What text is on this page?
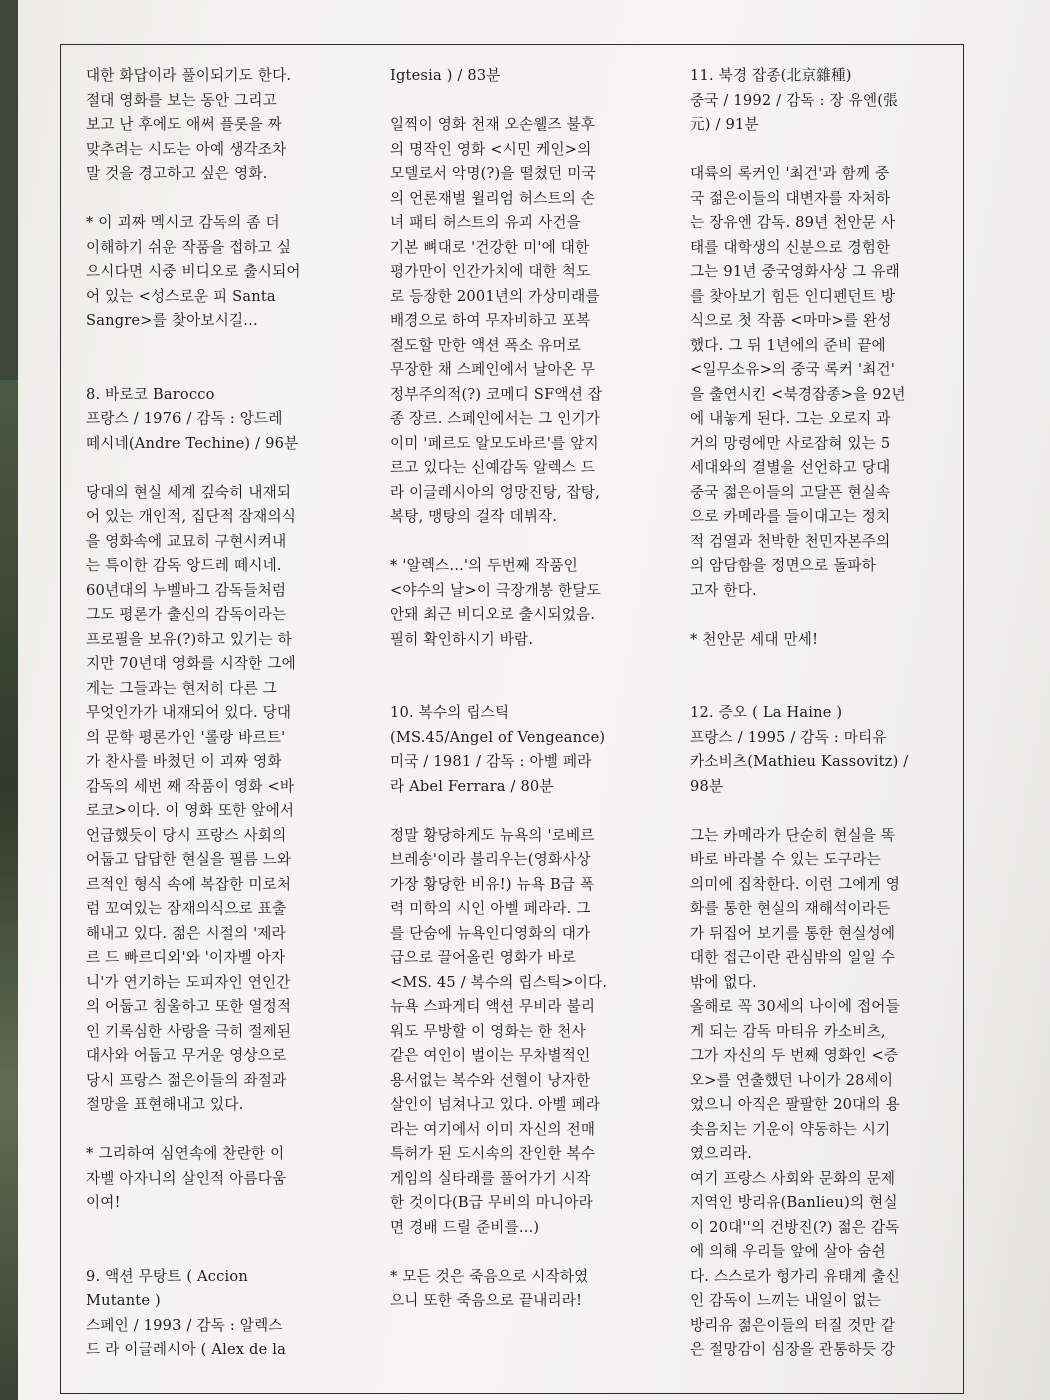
대한 화답이라 풀이되기도 한다.
절대 영화를 보는 동안 그리고
보고 난 후에도 애써 플롯을 짜
맞추려는 시도는 아예 생각조차
말 것을 경고하고 싶은 영화.
* 이 괴짜 멕시코 감독의 좀 더
이해하기 쉬운 작품을 접하고 싶
으시다면 시중 비디오로 출시되어
어 있는 <성스로운 피 Santa
Sangre>를 찾아보시길...
8. 바로코 Barocco
프랑스 / 1976 / 감독 : 앙드레
떼시네(Andre Techine) / 96분
당대의 현실 세계 깊숙히 내재되
어 있는 개인적, 집단적 잠재의식
을 영화속에 교묘히 구현시켜내
는 특이한 감독 앙드레 떼시네.
60년대의 누벨바그 감독들처럼
그도 평론가 출신의 감독이라는
프로필을 보유(?)하고 있기는 하
지만 70년대 영화를 시작한 그에
게는 그들과는 현저히 다른 그
무엇인가가 내재되어 있다. 당대
의 문학 평론가인 '롤랑 바르트'
가 찬사를 바쳤던 이 괴짜 영화
감독의 세번 째 작품이 영화 <바
로코>이다. 이 영화 또한 앞에서
언급했듯이 당시 프랑스 사회의
어둡고 답답한 현실을 필름 느와
르적인 형식 속에 복잡한 미로처
럼 꼬여있는 잠재의식으로 표출
해내고 있다. 젊은 시절의 '제라
르 드 빠르디외'와 '이자벨 아자
니'가 연기하는 도피자인 연인간
의 어둡고 침울하고 또한 열정적
인 기록심한 사랑을 극히 절제된
대사와 어둡고 무거운 영상으로
당시 프랑스 젊은이들의 좌절과
절망을 표현해내고 있다.
* 그리하여 심연속에 찬란한 이
자벨 아자니의 살인적 아름다움
이여!
9. 액션 무탕트 ( Accion
Mutante )
스페인 / 1993 / 감독 : 알렉스
드 라 이글레시아 ( Alex de la
Igtesia ) / 83분
일찍이 영화 천재 오손웰즈 불후
의 명작인 영화 <시민 케인>의
모델로서 악명(?)을 떨쳤던 미국
의 언론재벌 윌리엄 허스트의 손
녀 패티 허스트의 유괴 사건을
기본 뼈대로 '건강한 미'에 대한
평가만이 인간가치에 대한 척도
로 등장한 2001년의 가상미래를
배경으로 하여 무자비하고 포복
절도할 만한 액션 폭소 유머로
무장한 채 스페인에서 날아온 무
정부주의적(?) 코메디 SF액션 잡
종 장르. 스페인에서는 그 인기가
이미 '페르도 알모도바르'를 앞지
르고 있다는 신예감독 알렉스 드
라 이글레시아의 엉망진탕, 잡탕,
복탕, 맹탕의 걸작 데뷔작.
* '알렉스...'의 두번째 작품인
<야수의 날>이 극장개봉 한달도
안돼 최근 비디오로 출시되었음.
필히 확인하시기 바람.
10. 복수의 립스틱
(MS.45/Angel of Vengeance)
미국 / 1981 / 감독 : 아벨 페라
라 Abel Ferrara / 80분
정말 황당하게도 뉴욕의 '로베르
브레송'이라 불리우는(영화사상
가장 황당한 비유!) 뉴욕 B급 폭
력 미학의 시인 아벨 페라라. 그
를 단숨에 뉴욕인디영화의 대가
급으로 끌어올린 영화가 바로
<MS. 45 / 복수의 립스틱>이다.
뉴욕 스파게티 액션 무비라 불리
워도 무방할 이 영화는 한 천사
같은 여인이 벌이는 무차별적인
용서없는 복수와 선혈이 낭자한
살인이 넘쳐나고 있다. 아벨 페라
라는 여기에서 이미 자신의 전매
특허가 된 도시속의 잔인한 복수
게임의 실타래를 풀어가기 시작
한 것이다(B급 무비의 마니아라
면 경배 드릴 준비를...)
* 모든 것은 죽음으로 시작하였
으니 또한 죽음으로 끝내리라!
11. 북경 잡종(北京雜種)
중국 / 1992 / 감독 : 장 유엔(張
元) / 91분
대륙의 록커인 '최건'과 함께 중
국 젊은이들의 대변자를 자처하
는 장유엔 감독. 89년 천안문 사
태를 대학생의 신분으로 경험한
그는 91년 중국영화사상 그 유래
를 찾아보기 힘든 인디펜던트 방
식으로 첫 작품 <마마>를 완성
했다. 그 뒤 1년에의 준비 끝에
<일무소유>의 중국 록커 '최건'
을 출연시킨 <북경잡종>을 92년
에 내놓게 된다. 그는 오로지 과
거의 망령에만 사로잡혀 있는 5
세대와의 결별을 선언하고 당대
중국 젊은이들의 고달픈 현실속
으로 카메라를 들이대고는 정치
적 검열과 천박한 천민자본주의
의 암담함을 정면으로 돌파하
고자 한다.
* 천안문 세대 만세!
12. 증오 ( La Haine )
프랑스 / 1995 / 감독 : 마티유
카소비츠(Mathieu Kassovitz) /
98분
그는 카메라가 단순히 현실을 똑
바로 바라볼 수 있는 도구라는
의미에 집착한다. 이런 그에게 영
화를 통한 현실의 재해석이라든
가 뒤집어 보기를 통한 현실성에
대한 접근이란 관심밖의 일일 수
밖에 없다.
올해로 꼭 30세의 나이에 접어들
게 되는 감독 마티유 카소비츠,
그가 자신의 두 번째 영화인 <증
오>를 연출했던 나이가 28세이
었으니 아직은 팔팔한 20대의 용
솟음치는 기운이 약동하는 시기
였으리라.
여기 프랑스 사회와 문화의 문제
지역인 방리유(Banlieu)의 현실
이 20대''의 건방진(?) 젊은 감독
에 의해 우리들 앞에 살아 숨쉰
다. 스스로가 헝가리 유태계 출신
인 감독이 느끼는 내일이 없는
방리유 젊은이들의 터질 것만 같
은 절망감이 심장을 관통하듯 강
